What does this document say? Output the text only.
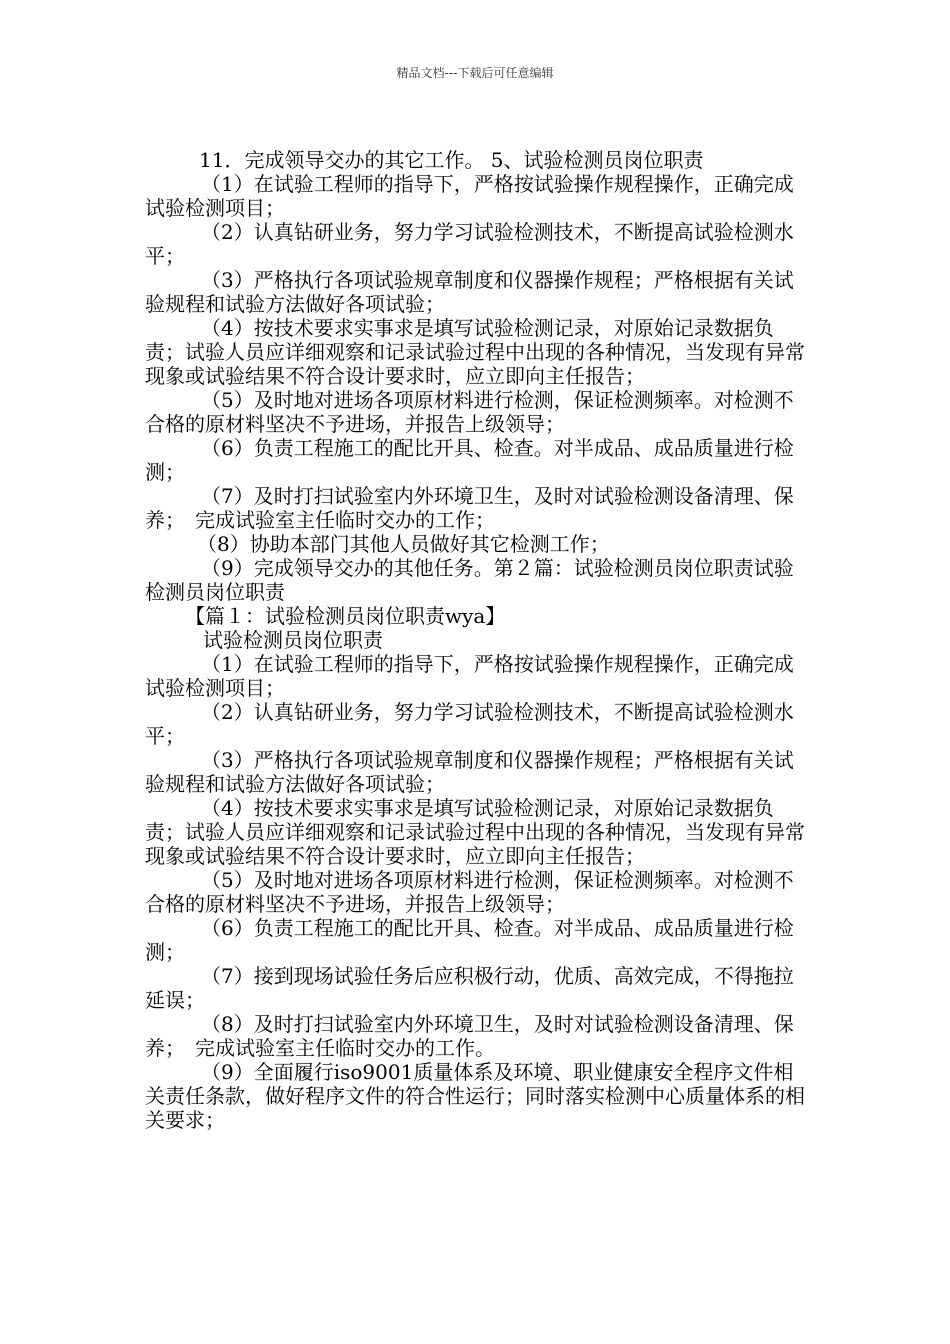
精品文档---下载后可任意编辑

11．完成领导交办的其它工作。 5、试验检测员岗位职责

（1）在试验工程师的指导下，严格按试验操作规程操作，正确完成试验检测项目；

（2）认真钻研业务，努力学习试验检测技术，不断提高试验检测水平；

（3）严格执行各项试验规章制度和仪器操作规程；严格根据有关试验规程和试验方法做好各项试验；

（4）按技术要求实事求是填写试验检测记录，对原始记录数据负责；试验人员应详细观察和记录试验过程中出现的各种情况，当发现有异常现象或试验结果不符合设计要求时，应立即向主任报告；

（5）及时地对进场各项原材料进行检测，保证检测频率。对检测不合格的原材料坚决不予进场，并报告上级领导；

（6）负责工程施工的配比开具、检查。对半成品、成品质量进行检测；

（7）及时打扫试验室内外环境卫生，及时对试验检测设备清理、保养；　完成试验室主任临时交办的工作；

（8）协助本部门其他人员做好其它检测工作；

（9）完成领导交办的其他任务。第２篇：试验检测员岗位职责试验检测员岗位职责

【篇１：试验检测员岗位职责wya】

试验检测员岗位职责

（1）在试验工程师的指导下，严格按试验操作规程操作，正确完成试验检测项目；

（2）认真钻研业务，努力学习试验检测技术，不断提高试验检测水平；

（3）严格执行各项试验规章制度和仪器操作规程；严格根据有关试验规程和试验方法做好各项试验；

（4）按技术要求实事求是填写试验检测记录，对原始记录数据负责；试验人员应详细观察和记录试验过程中出现的各种情况，当发现有异常现象或试验结果不符合设计要求时，应立即向主任报告；

（5）及时地对进场各项原材料进行检测，保证检测频率。对检测不合格的原材料坚决不予进场，并报告上级领导；

（6）负责工程施工的配比开具、检查。对半成品、成品质量进行检测；

（7）接到现场试验任务后应积极行动，优质、高效完成，不得拖拉延误；

（8）及时打扫试验室内外环境卫生，及时对试验检测设备清理、保养；　完成试验室主任临时交办的工作。

（9）全面履行iso9001质量体系及环境、职业健康安全程序文件相关责任条款，做好程序文件的符合性运行；同时落实检测中心质量体系的相关要求；
